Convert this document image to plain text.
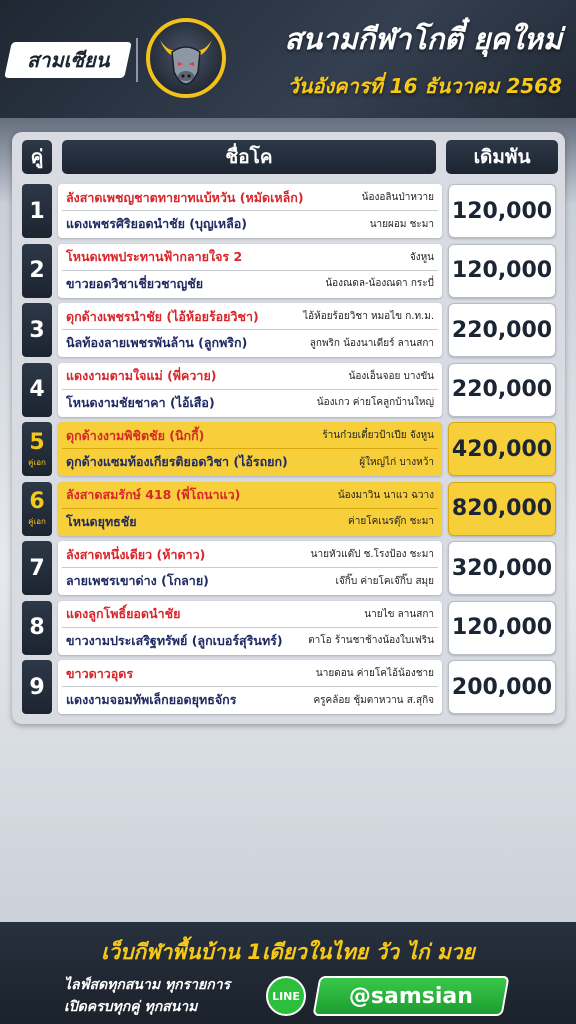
สามเซียน
สนามกีฬาโกตี๋ ยุคใหม่
วันอังคารที่ 16 ธันวาคม 2568
คู่	ชื่อโค	เดิมพัน
1
ลังสาดเพชญชาตทายาทแบ้หวัน (หมัดเหล็ก)	น้องอลินป่าหวาย
แดงเพชรศิริยอดนำชัย (บุญเหลือ)	นายผอม ชะมา
120,000
2
โหนดเทพประทานฟ้ากลายใจร 2	จังหูน
ขาวยอดวิชาเชี่ยวชาญชัย	น้องณดล-น้องณดา กระบี่
120,000
3
ดุกด้างเพชรนำชัย (ไอ้ห้อยร้อยวิชา)	ไอ้ห้อยร้อยวิชา หมอไข ก.ท.ม.
นิลท้องลายเพชรพันล้าน (ลูกพริก)	ลูกพริก น้องนาเดียร์ ลานสกา
220,000
4
แดงงามตามใจแม่ (พี่ควาย)	น้องเอ็นจอย บางขัน
โหนดงามชัยชาคา (ไอ้เสือ)	น้องเกว ค่ายโคลูกบ้านใหญ่
220,000
5
คู่เอก
ดุกด้างงามพิชิตชัย (นิกกี้)	ร้านก๋วยเตี๋ยวป้าเปีย จังหูน
ดุกด้างแซมท้องเกียรติยอดวิชา (ไอ้รถยก)	ผู้ใหญ่ไก่ บางหว้า
420,000
6
คู่เอก
ลังสาดสมรักษ์ 418 (พี่โถนาแว)	น้องมาวิน นาแว ฉวาง
โหนดยุทธชัย	ค่ายโคเนรตุ๊ก ชะมา
820,000
7
ลังสาดหนึ่งเดียว (ห้าดาว)	นายหัวแต๊ป ช.โรงป้อง ชะมา
ลายเพชรเขาด่าง (โกลาย)	เจ๊กิ๊บ ค่ายโคเจ๊กิ๊บ สมุย
320,000
8
แดงลูกโพธิ์ยอดนำชัย	นายไข ลานสกา
ขาวงามประเสริฐทรัพย์ (ลูกเบอร์สุรินทร์)	ตาโอ ร้านชาช้างน้องใบเฟริน
120,000
9
ขาวดาวอุดร	นายดอน ค่ายโคไอ้น้องชาย
แดงงามจอมทัพเล็กยอดยุทธจักร	ครูคล้อย ชุ้มตาหวาน ส.สุกิจ
200,000
เว็บกีฬาพื้นบ้าน 1เดียวในไทย วัว ไก่ มวย
ไลฟ์สดทุกสนาม ทุกรายการ
เปิดครบทุกคู่ ทุกสนาม
LINE @samsian
